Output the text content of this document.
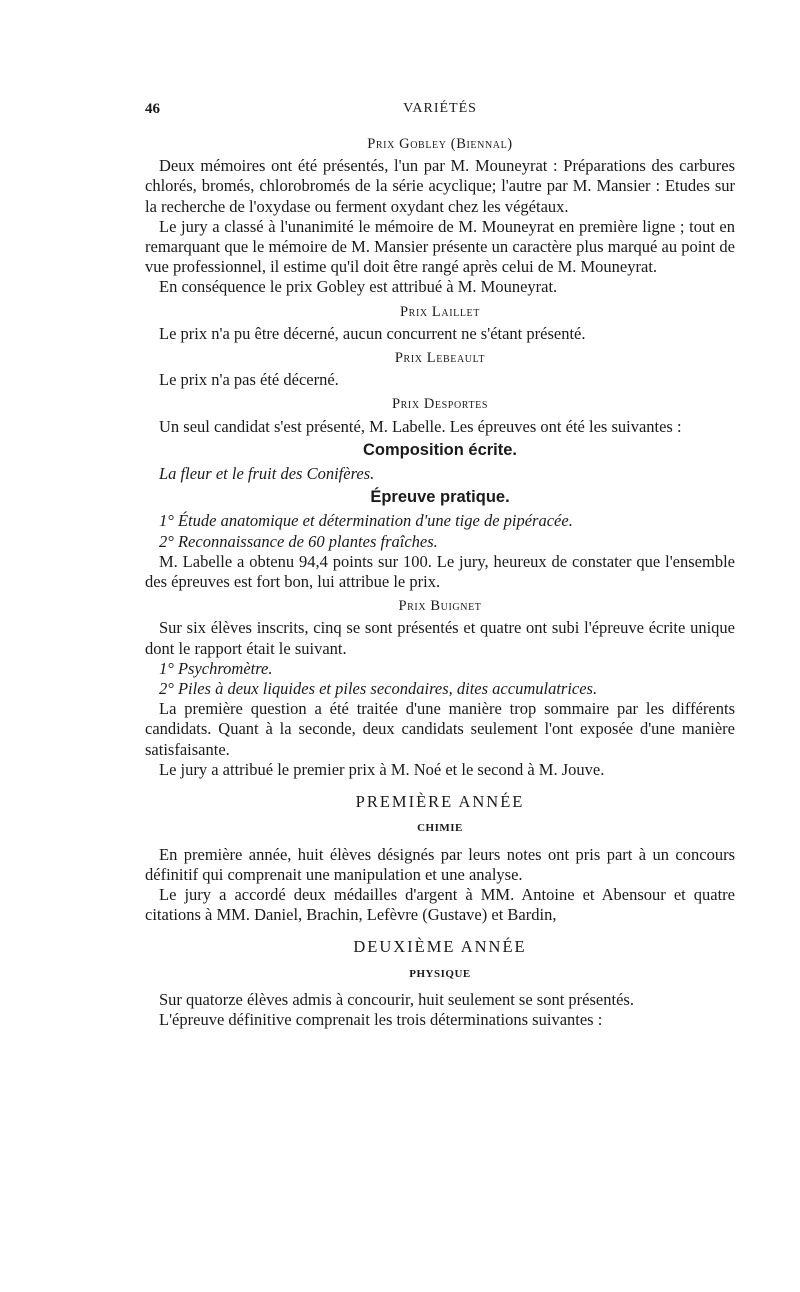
46	VARIÉTÉS
Prix Gobley (Biennal)

Deux mémoires ont été présentés, l'un par M. Mouneyrat : Préparations des carbures chlorés, bromés, chlorobromés de la série acyclique; l'autre par M. Mansier : Etudes sur la recherche de l'oxydase ou ferment oxydant chez les végétaux.

Le jury a classé à l'unanimité le mémoire de M. Mouneyrat en première ligne ; tout en remarquant que le mémoire de M. Mansier présente un caractère plus marqué au point de vue professionnel, il estime qu'il doit être rangé après celui de M. Mouneyrat.

En conséquence le prix Gobley est attribué à M. Mouneyrat.

Prix Laillet

Le prix n'a pu être décerné, aucun concurrent ne s'étant présenté.

Prix Lebeault

Le prix n'a pas été décerné.

Prix Desportes

Un seul candidat s'est présenté, M. Labelle. Les épreuves ont été les suivantes :

Composition écrite.

La fleur et le fruit des Conifères.

Épreuve pratique.

1° Étude anatomique et détermination d'une tige de pipéracée.

2° Reconnaissance de 60 plantes fraîches.

M. Labelle a obtenu 94,4 points sur 100. Le jury, heureux de constater que l'ensemble des épreuves est fort bon, lui attribue le prix.

Prix Buignet

Sur six élèves inscrits, cinq se sont présentés et quatre ont subi l'épreuve écrite unique dont le rapport était le suivant.

1° Psychromètre.

2° Piles à deux liquides et piles secondaires, dites accumulatrices.

La première question a été traitée d'une manière trop sommaire par les différents candidats. Quant à la seconde, deux candidats seulement l'ont exposée d'une manière satisfaisante.

Le jury a attribué le premier prix à M. Noé et le second à M. Jouve.

PREMIÈRE ANNÉE
CHIMIE

En première année, huit élèves désignés par leurs notes ont pris part à un concours définitif qui comprenait une manipulation et une analyse.

Le jury a accordé deux médailles d'argent à MM. Antoine et Abensour et quatre citations à MM. Daniel, Brachin, Lefèvre (Gustave) et Bardin,

DEUXIÈME ANNÉE
PHYSIQUE

Sur quatorze élèves admis à concourir, huit seulement se sont présentés.

L'épreuve définitive comprenait les trois déterminations suivantes :
